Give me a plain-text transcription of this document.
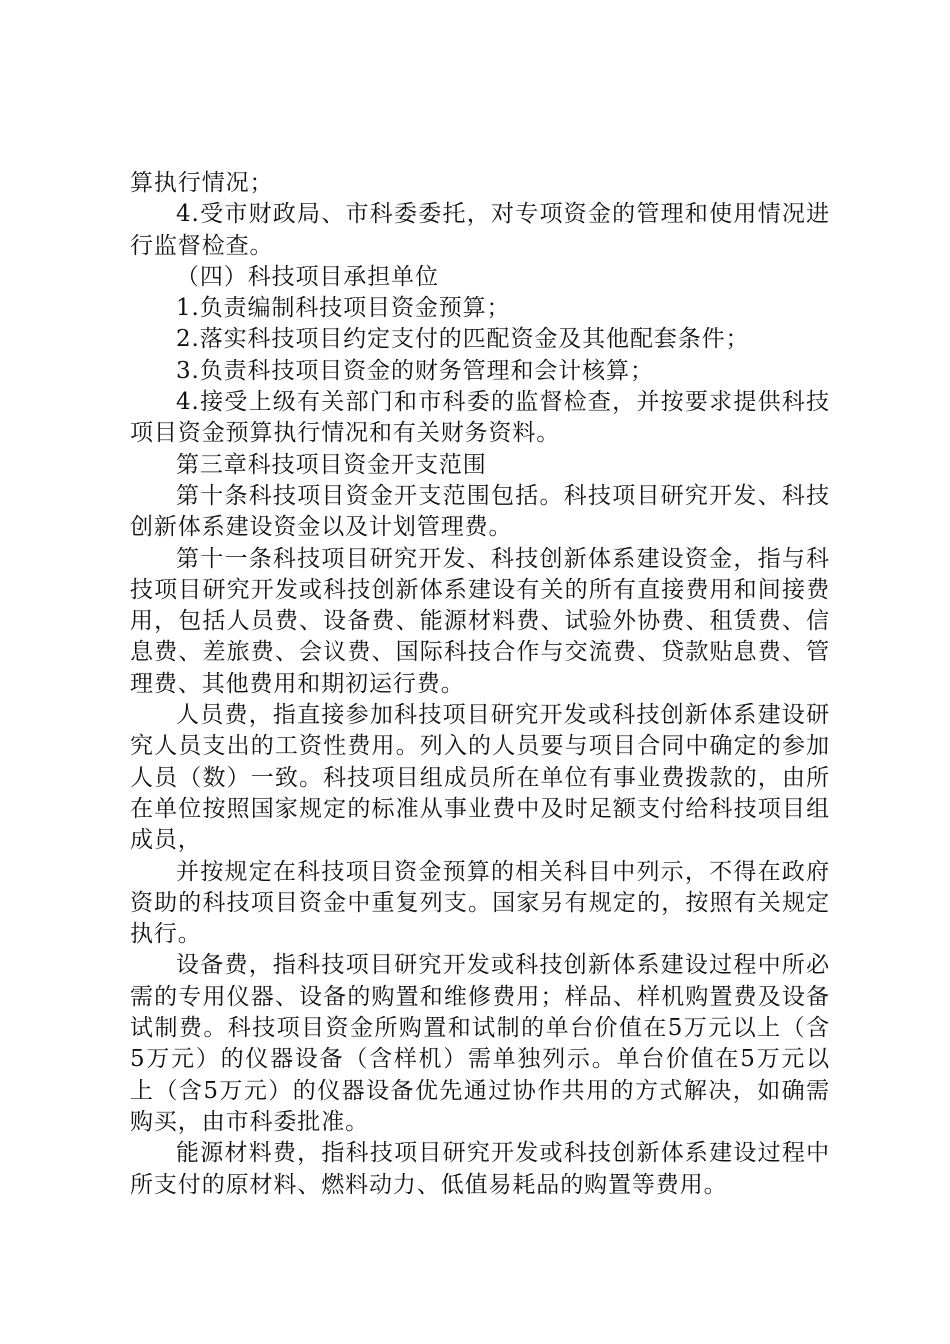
算执行情况；

4.受市财政局、市科委委托，对专项资金的管理和使用情况进行监督检查。

（四）科技项目承担单位

1.负责编制科技项目资金预算；

2.落实科技项目约定支付的匹配资金及其他配套条件；

3.负责科技项目资金的财务管理和会计核算；

4.接受上级有关部门和市科委的监督检查，并按要求提供科技项目资金预算执行情况和有关财务资料。

第三章科技项目资金开支范围

第十条科技项目资金开支范围包括。科技项目研究开发、科技创新体系建设资金以及计划管理费。

第十一条科技项目研究开发、科技创新体系建设资金，指与科技项目研究开发或科技创新体系建设有关的所有直接费用和间接费用，包括人员费、设备费、能源材料费、试验外协费、租赁费、信息费、差旅费、会议费、国际科技合作与交流费、贷款贴息费、管理费、其他费用和期初运行费。

人员费，指直接参加科技项目研究开发或科技创新体系建设研究人员支出的工资性费用。列入的人员要与项目合同中确定的参加人员（数）一致。科技项目组成员所在单位有事业费拨款的，由所在单位按照国家规定的标准从事业费中及时足额支付给科技项目组成员，

并按规定在科技项目资金预算的相关科目中列示，不得在政府资助的科技项目资金中重复列支。国家另有规定的，按照有关规定执行。

设备费，指科技项目研究开发或科技创新体系建设过程中所必需的专用仪器、设备的购置和维修费用；样品、样机购置费及设备试制费。科技项目资金所购置和试制的单台价值在5万元以上（含5万元）的仪器设备（含样机）需单独列示。单台价值在5万元以上（含5万元）的仪器设备优先通过协作共用的方式解决，如确需购买，由市科委批准。

能源材料费，指科技项目研究开发或科技创新体系建设过程中所支付的原材料、燃料动力、低值易耗品的购置等费用。
